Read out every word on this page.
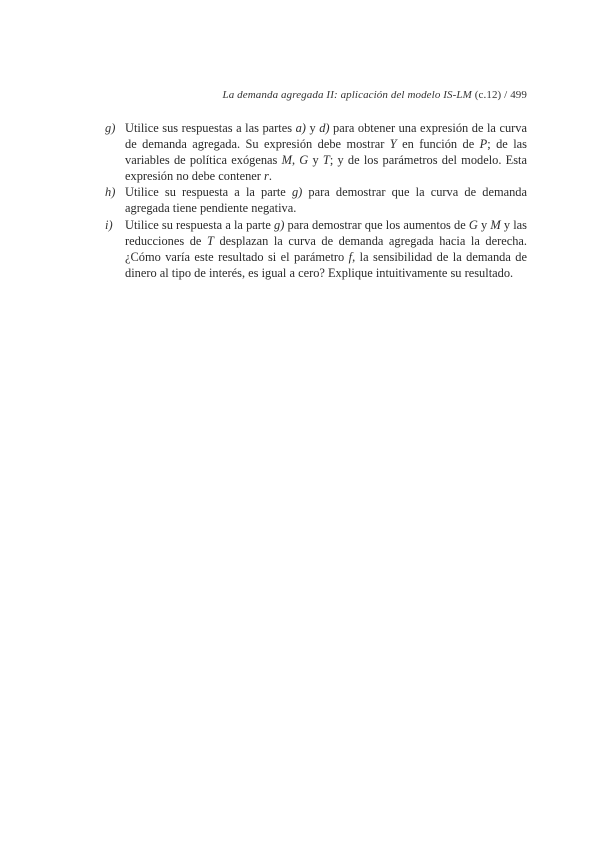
La demanda agregada II: aplicación del modelo IS-LM (c.12) / 499
g) Utilice sus respuestas a las partes a) y d) para obtener una expresión de la curva de demanda agregada. Su expresión debe mostrar Y en función de P; de las variables de política exógenas M, G y T; y de los parámetros del modelo. Esta expresión no debe contener r.
h) Utilice su respuesta a la parte g) para demostrar que la curva de demanda agregada tiene pendiente negativa.
i)	Utilice su respuesta a la parte g) para demostrar que los aumentos de G y M y las reducciones de T desplazan la curva de demanda agregada hacia la derecha. ¿Cómo varía este resultado si el parámetro f, la sensibilidad de la demanda de dinero al tipo de interés, es igual a cero? Explique intuitivamente su resultado.
